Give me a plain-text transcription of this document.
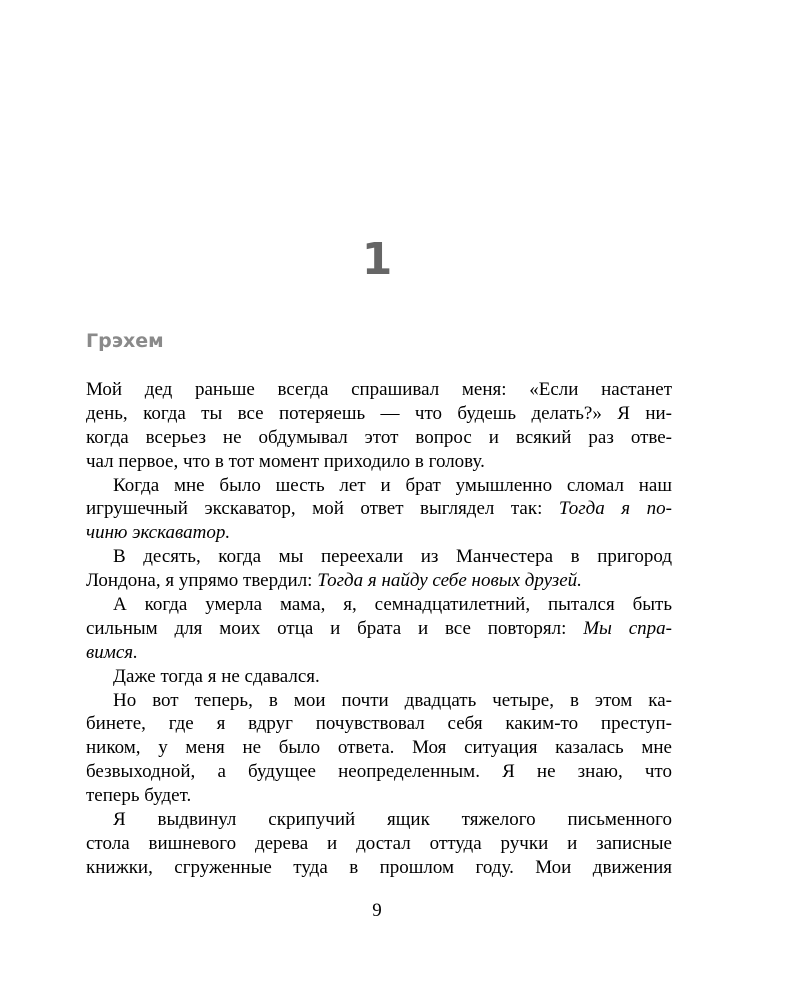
1
Грэхем
Мой дед раньше всегда спрашивал меня: «Если настанет
день, когда ты все потеряешь — что будешь делать?» Я ни-
когда всерьез не обдумывал этот вопрос и всякий раз отве-
чал первое, что в тот момент приходило в голову.
Когда мне было шесть лет и брат умышленно сломал наш
игрушечный экскаватор, мой ответ выглядел так: Тогда я по-
чиню экскаватор.
В десять, когда мы переехали из Манчестера в пригород
Лондона, я упрямо твердил: Тогда я найду себе новых друзей.
А когда умерла мама, я, семнадцатилетний, пытался быть
сильным для моих отца и брата и все повторял: Мы спра-
вимся.
Даже тогда я не сдавался.
Но вот теперь, в мои почти двадцать четыре, в этом ка-
бинете, где я вдруг почувствовал себя каким-то преступ-
ником, у меня не было ответа. Моя ситуация казалась мне
безвыходной, а будущее неопределенным. Я не знаю, что
теперь будет.
Я выдвинул скрипучий ящик тяжелого письменного
стола вишневого дерева и достал оттуда ручки и записные
книжки, сгруженные туда в прошлом году. Мои движения
9
